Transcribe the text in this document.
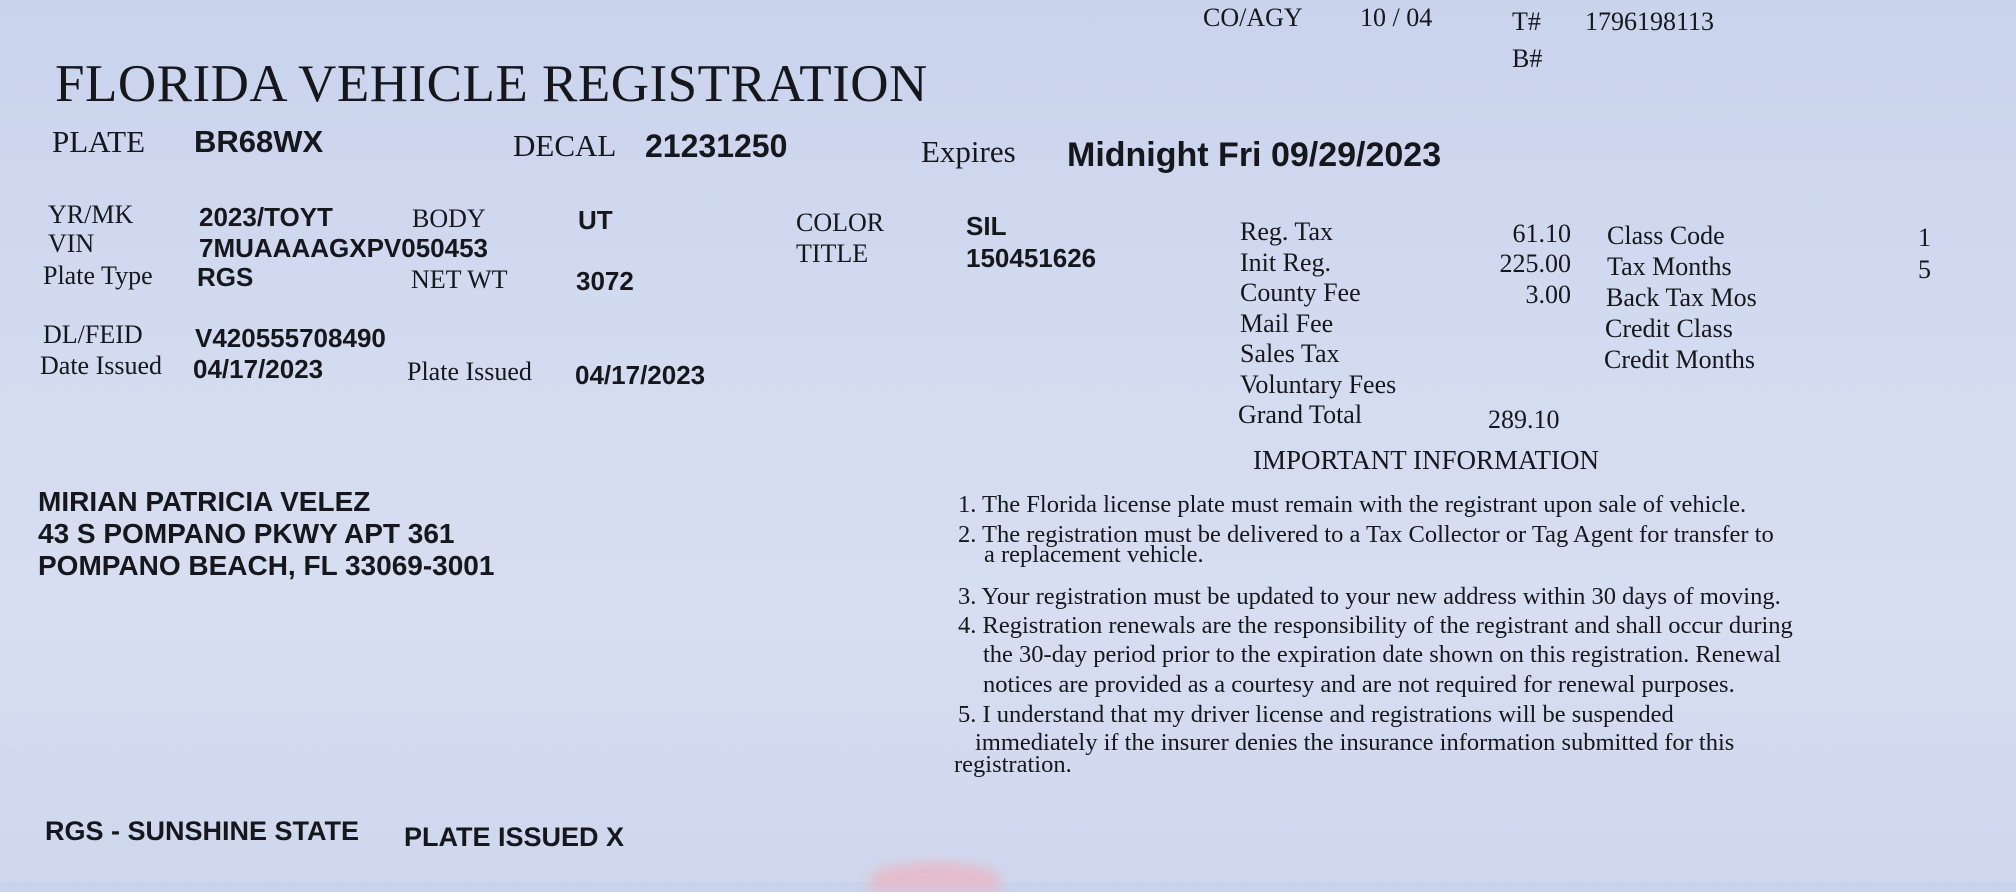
CO/AGY 10 / 04	T# 1796198113
B#
FLORIDA VEHICLE REGISTRATION
PLATE BR68WX	DECAL 21231250	Expires Midnight Fri 09/29/2023
YR/MK	2023/TOYT	BODY	UT
VIN	7MUAAAAGXPV050453
Plate Type RGS	NET WT	3072
COLOR	SIL
TITLE	150451626
DL/FEID V420555708490
Date Issued 04/17/2023	Plate Issued 04/17/2023
Reg. Tax	61.10
Init Reg.	225.00
County Fee	3.00
Mail Fee
Sales Tax
Voluntary Fees
Grand Total	289.10
Class Code	1
Tax Months	5
Back Tax Mos
Credit Class
Credit Months
MIRIAN PATRICIA VELEZ
43 S POMPANO PKWY APT 361
POMPANO BEACH, FL 33069-3001
IMPORTANT INFORMATION
1. The Florida license plate must remain with the registrant upon sale of vehicle.
2. The registration must be delivered to a Tax Collector or Tag Agent for transfer to
a replacement vehicle.
3. Your registration must be updated to your new address within 30 days of moving.
4. Registration renewals are the responsibility of the registrant and shall occur during
the 30-day period prior to the expiration date shown on this registration. Renewal
notices are provided as a courtesy and are not required for renewal purposes.
5. I understand that my driver license and registrations will be suspended
immediately if the insurer denies the insurance information submitted for this
registration.
RGS - SUNSHINE STATE PLATE ISSUED X
